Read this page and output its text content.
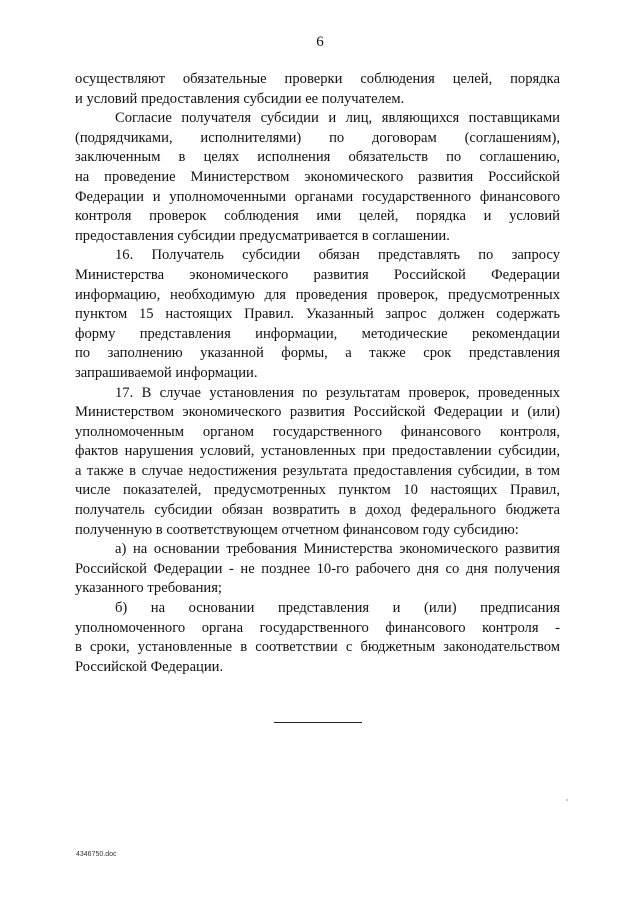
6
осуществляют обязательные проверки соблюдения целей, порядка
и условий предоставления субсидии ее получателем.
Согласие получателя субсидии и лиц, являющихся поставщиками
(подрядчиками, исполнителями) по договорам (соглашениям),
заключенным в целях исполнения обязательств по соглашению,
на проведение Министерством экономического развития Российской
Федерации и уполномоченными органами государственного финансового
контроля проверок соблюдения ими целей, порядка и условий
предоставления субсидии предусматривается в соглашении.
16. Получатель субсидии обязан представлять по запросу
Министерства экономического развития Российской Федерации
информацию, необходимую для проведения проверок, предусмотренных
пунктом 15 настоящих Правил. Указанный запрос должен содержать
форму представления информации, методические рекомендации
по заполнению указанной формы, а также срок представления
запрашиваемой информации.
17. В случае установления по результатам проверок, проведенных
Министерством экономического развития Российской Федерации и (или)
уполномоченным органом государственного финансового контроля,
фактов нарушения условий, установленных при предоставлении субсидии,
а также в случае недостижения результата предоставления субсидии, в том
числе показателей, предусмотренных пунктом 10 настоящих Правил,
получатель субсидии обязан возвратить в доход федерального бюджета
полученную в соответствующем отчетном финансовом году субсидию:
а) на основании требования Министерства экономического развития
Российской Федерации - не позднее 10-го рабочего дня со дня получения
указанного требования;
б) на основании представления и (или) предписания
уполномоченного органа государственного финансового контроля -
в сроки, установленные в соответствии с бюджетным законодательством
Российской Федерации.
4346750.doc
